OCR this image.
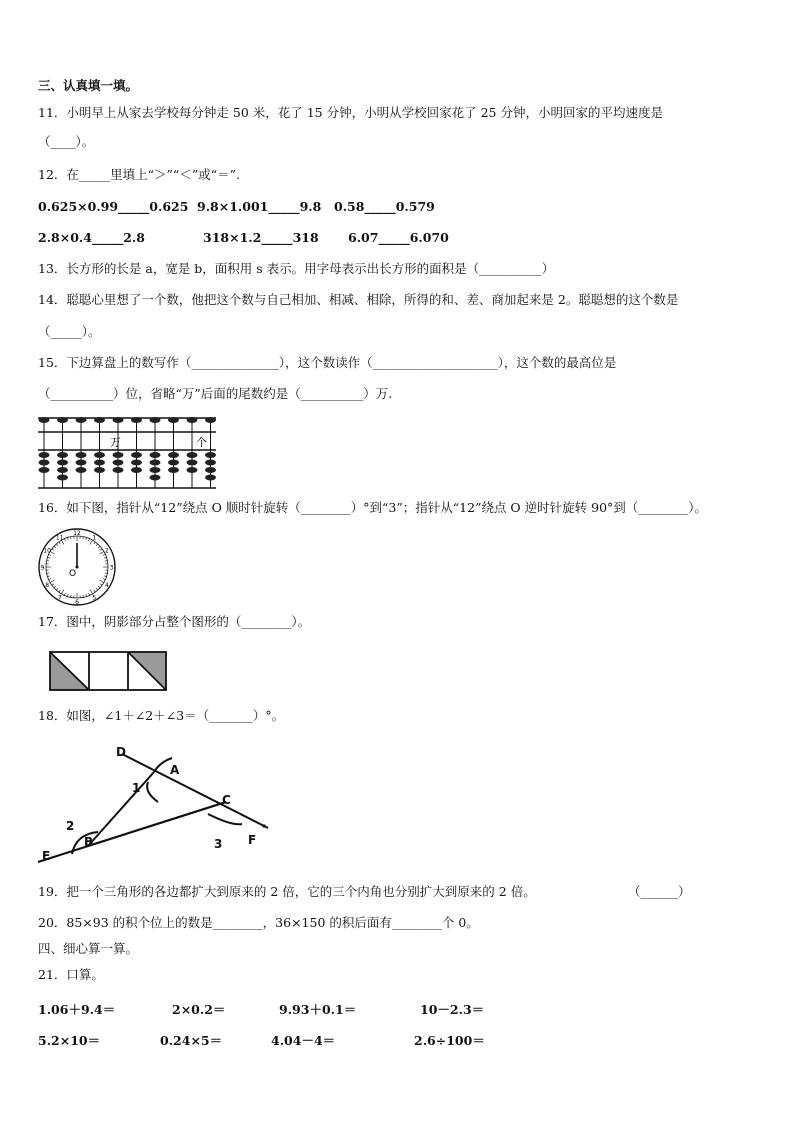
三、认真填一填。
11．小明早上从家去学校每分钟走 50 米，花了 15 分钟，小明从学校回家花了 25 分钟，小明回家的平均速度是
（____）。
12．在_____里填上“＞”“＜”或“＝”.
0.625×0.99_____0.625 9.8×1.001_____9.8 0.58_____0.579
2.8×0.4_____2.8	318×1.2_____318 6.07_____6.070
13．长方形的长是 a，宽是 b，面积用 s 表示。用字母表示出长方形的面积是（__________）
14．聪聪心里想了一个数，他把这个数与自己相加、相减、相除，所得的和、差、商加起来是 2。聪聪想的这个数是
（_____）。
15．下边算盘上的数写作（______________），这个数读作（____________________），这个数的最高位是
（__________）位，省略“万”后面的尾数约是（__________）万.
万	个
16．如下图，指针从“12”绕点 O 顺时针旋转（________）°到“3”；指针从“12”绕点 O 逆时针旋转 90°到（________）。
12
1
2
3
4
5
6
7
8
9
10
11
O
17．图中，阴影部分占整个图形的（________）。
18．如图，∠1＋∠2＋∠3＝（_______）°。
D
A
C
F
E
B
1
2
3
19．把一个三角形的各边都扩大到原来的 2 倍，它的三个内角也分别扩大到原来的 2 倍。	（______）
20．85×93 的积个位上的数是________，36×150 的积后面有________个 0。
四、细心算一算。
21．口算。
1.06＋9.4＝	2×0.2＝	9.93＋0.1＝	10－2.3＝
5.2×10＝	0.24×5＝	4.04－4＝	2.6÷100＝
